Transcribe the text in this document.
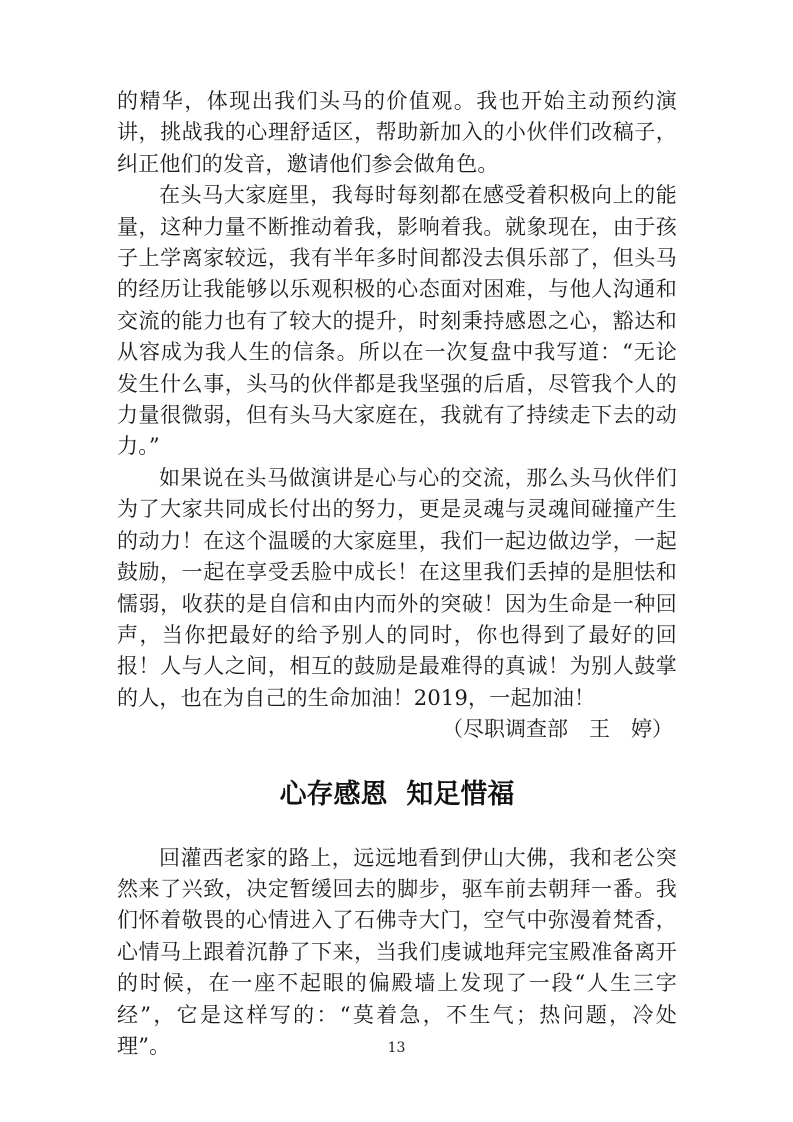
的精华，体现出我们头马的价值观。我也开始主动预约演讲，挑战我的心理舒适区，帮助新加入的小伙伴们改稿子，纠正他们的发音，邀请他们参会做角色。

在头马大家庭里，我每时每刻都在感受着积极向上的能量，这种力量不断推动着我，影响着我。就象现在，由于孩子上学离家较远，我有半年多时间都没去俱乐部了，但头马的经历让我能够以乐观积极的心态面对困难，与他人沟通和交流的能力也有了较大的提升，时刻秉持感恩之心，豁达和从容成为我人生的信条。所以在一次复盘中我写道：“无论发生什么事，头马的伙伴都是我坚强的后盾，尽管我个人的力量很微弱，但有头马大家庭在，我就有了持续走下去的动力。”

如果说在头马做演讲是心与心的交流，那么头马伙伴们为了大家共同成长付出的努力，更是灵魂与灵魂间碰撞产生的动力！在这个温暖的大家庭里，我们一起边做边学，一起鼓励，一起在享受丢脸中成长！在这里我们丢掉的是胆怯和懦弱，收获的是自信和由内而外的突破！因为生命是一种回声，当你把最好的给予别人的同时，你也得到了最好的回报！人与人之间，相互的鼓励是最难得的真诚！为别人鼓掌的人，也在为自己的生命加油！2019，一起加油！

（尽职调查部　王　婷）

心存感恩 知足惜福

回灌西老家的路上，远远地看到伊山大佛，我和老公突然来了兴致，决定暂缓回去的脚步，驱车前去朝拜一番。我们怀着敬畏的心情进入了石佛寺大门，空气中弥漫着梵香，心情马上跟着沉静了下来，当我们虔诚地拜完宝殿准备离开的时候，在一座不起眼的偏殿墙上发现了一段“人生三字经”，它是这样写的：“莫着急，不生气；热问题，冷处理”。	13
